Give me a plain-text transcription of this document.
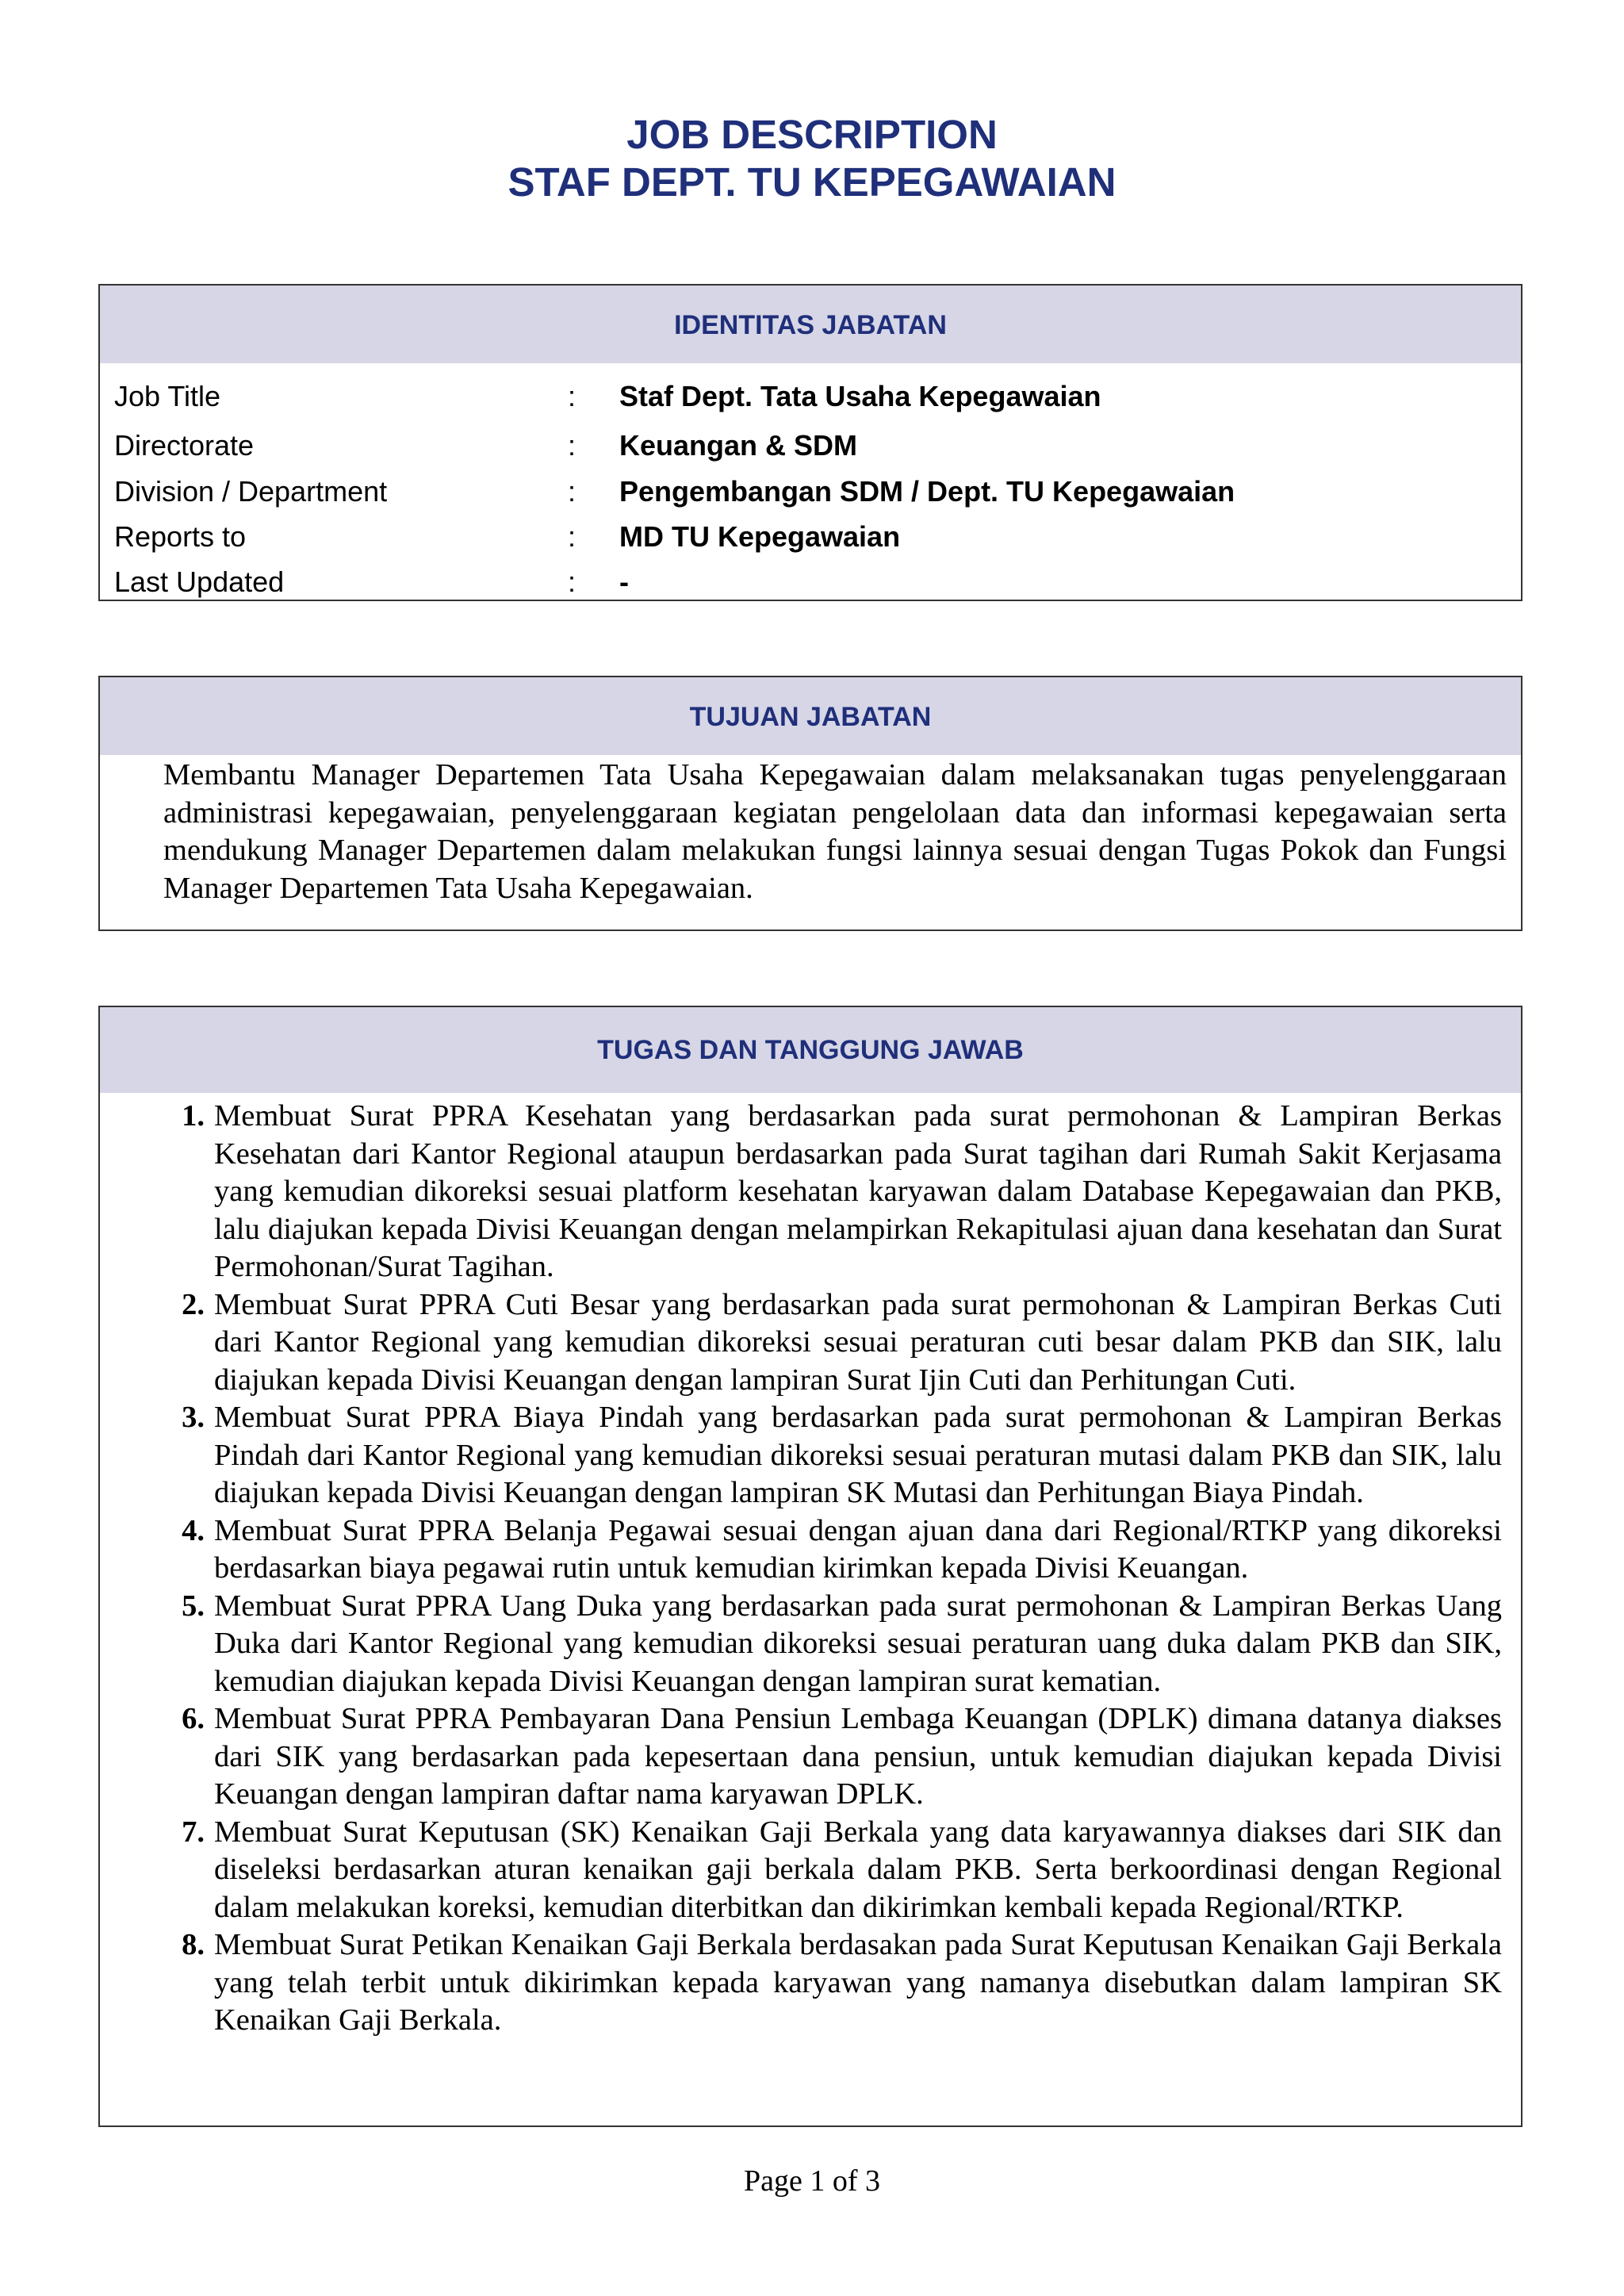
JOB DESCRIPTION
STAF DEPT. TU KEPEGAWAIAN
IDENTITAS JABATAN
Job Title	: Staf Dept. Tata Usaha Kepegawaian
Directorate	: Keuangan & SDM
Division / Department	: Pengembangan SDM / Dept. TU Kepegawaian
Reports to	: MD TU Kepegawaian
Last Updated	: -
TUJUAN JABATAN
Membantu Manager Departemen Tata Usaha Kepegawaian dalam melaksanakan tugas penyelenggaraan administrasi kepegawaian, penyelenggaraan kegiatan pengelolaan data dan informasi kepegawaian serta mendukung Manager Departemen dalam melakukan fungsi lainnya sesuai dengan Tugas Pokok dan Fungsi Manager Departemen Tata Usaha Kepegawaian.
TUGAS DAN TANGGUNG JAWAB
1. Membuat Surat PPRA Kesehatan yang berdasarkan pada surat permohonan & Lampiran Berkas Kesehatan dari Kantor Regional ataupun berdasarkan pada Surat tagihan dari Rumah Sakit Kerjasama yang kemudian dikoreksi sesuai platform kesehatan karyawan dalam Database Kepegawaian dan PKB, lalu diajukan kepada Divisi Keuangan dengan melampirkan Rekapitulasi ajuan dana kesehatan dan Surat Permohonan/Surat Tagihan.
2. Membuat Surat PPRA Cuti Besar yang berdasarkan pada surat permohonan & Lampiran Berkas Cuti dari Kantor Regional yang kemudian dikoreksi sesuai peraturan cuti besar dalam PKB dan SIK, lalu diajukan kepada Divisi Keuangan dengan lampiran Surat Ijin Cuti dan Perhitungan Cuti.
3. Membuat Surat PPRA Biaya Pindah yang berdasarkan pada surat permohonan & Lampiran Berkas Pindah dari Kantor Regional yang kemudian dikoreksi sesuai peraturan mutasi dalam PKB dan SIK, lalu diajukan kepada Divisi Keuangan dengan lampiran SK Mutasi dan Perhitungan Biaya Pindah.
4. Membuat Surat PPRA Belanja Pegawai sesuai dengan ajuan dana dari Regional/RTKP yang dikoreksi berdasarkan biaya pegawai rutin untuk kemudian kirimkan kepada Divisi Keuangan.
5. Membuat Surat PPRA Uang Duka yang berdasarkan pada surat permohonan & Lampiran Berkas Uang Duka dari Kantor Regional yang kemudian dikoreksi sesuai peraturan uang duka dalam PKB dan SIK, kemudian diajukan kepada Divisi Keuangan dengan lampiran surat kematian.
6. Membuat Surat PPRA Pembayaran Dana Pensiun Lembaga Keuangan (DPLK) dimana datanya diakses dari SIK yang berdasarkan pada kepesertaan dana pensiun, untuk kemudian diajukan kepada Divisi Keuangan dengan lampiran daftar nama karyawan DPLK.
7. Membuat Surat Keputusan (SK) Kenaikan Gaji Berkala yang data karyawannya diakses dari SIK dan diseleksi berdasarkan aturan kenaikan gaji berkala dalam PKB. Serta berkoordinasi dengan Regional dalam melakukan koreksi, kemudian diterbitkan dan dikirimkan kembali kepada Regional/RTKP.
8. Membuat Surat Petikan Kenaikan Gaji Berkala berdasakan pada Surat Keputusan Kenaikan Gaji Berkala yang telah terbit untuk dikirimkan kepada karyawan yang namanya disebutkan dalam lampiran SK Kenaikan Gaji Berkala.
Page 1 of 3
